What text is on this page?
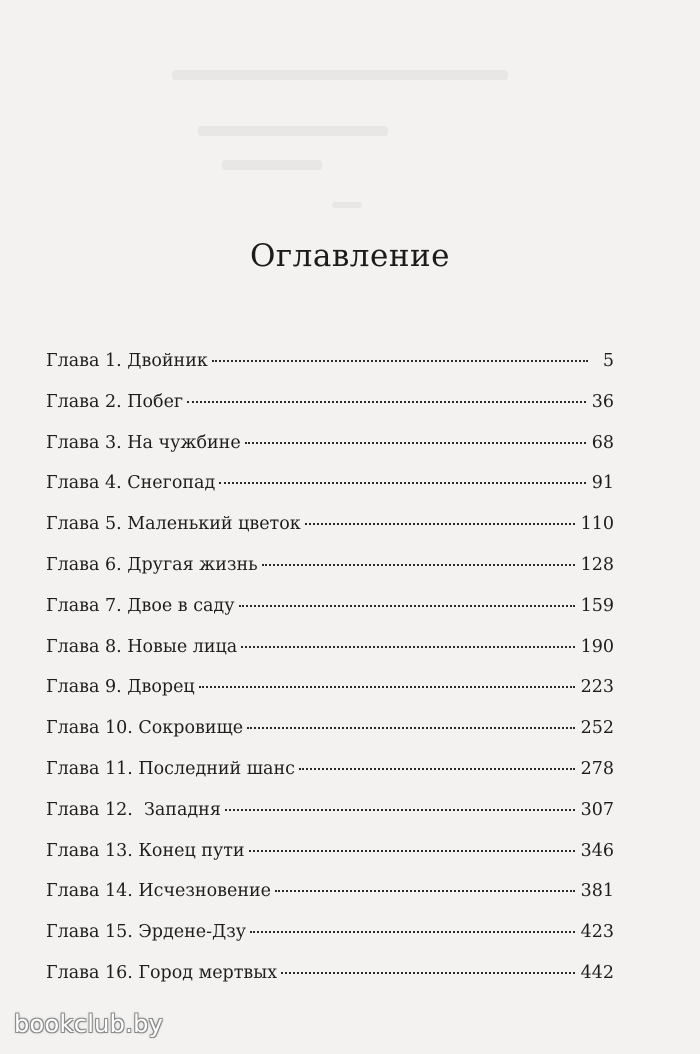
Оглавление
Глава 1. Двойник	5
Глава 2. Побег	36
Глава 3. На чужбине	68
Глава 4. Снегопад	91
Глава 5. Маленький цветок	110
Глава 6. Другая жизнь	128
Глава 7. Двое в саду	159
Глава 8. Новые лица	190
Глава 9. Дворец	223
Глава 10. Сокровище	252
Глава 11. Последний шанс	278
Глава 12.  Западня	307
Глава 13. Конец пути	346
Глава 14. Исчезновение	381
Глава 15. Эрдене-Дзу	423
Глава 16. Город мертвых	442
bookclub.by
